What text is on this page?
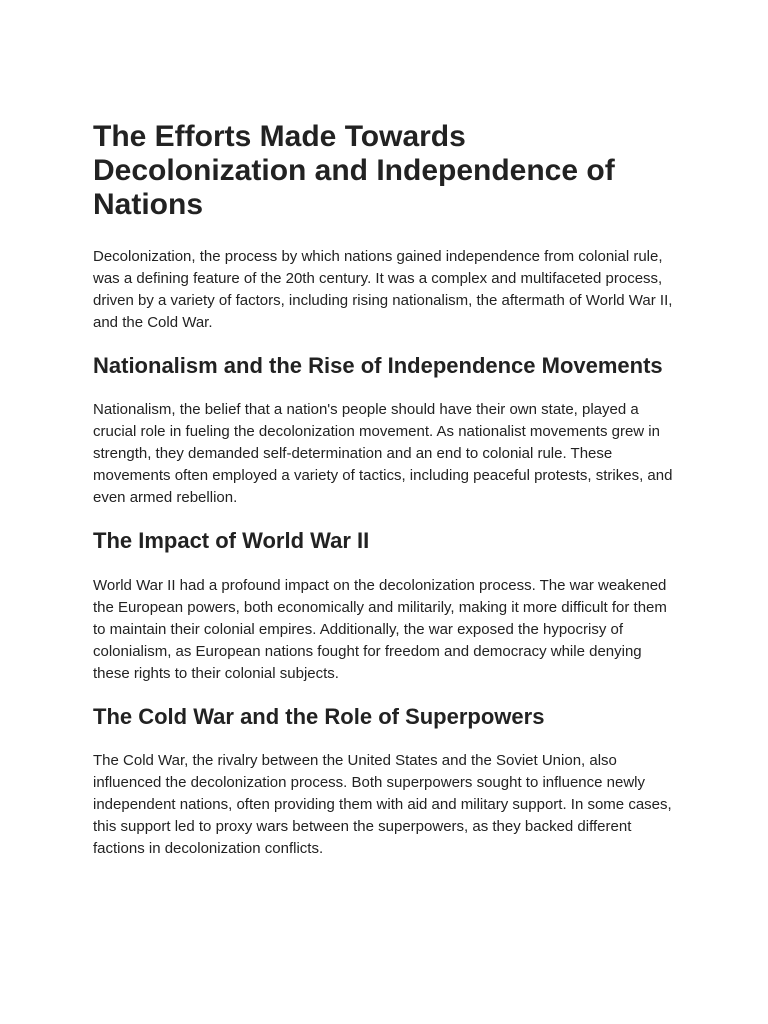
The Efforts Made Towards Decolonization and Independence of Nations

Decolonization, the process by which nations gained independence from colonial rule, was a defining feature of the 20th century. It was a complex and multifaceted process, driven by a variety of factors, including rising nationalism, the aftermath of World War II, and the Cold War.

Nationalism and the Rise of Independence Movements

Nationalism, the belief that a nation's people should have their own state, played a crucial role in fueling the decolonization movement. As nationalist movements grew in strength, they demanded self-determination and an end to colonial rule. These movements often employed a variety of tactics, including peaceful protests, strikes, and even armed rebellion.

The Impact of World War II

World War II had a profound impact on the decolonization process. The war weakened the European powers, both economically and militarily, making it more difficult for them to maintain their colonial empires. Additionally, the war exposed the hypocrisy of colonialism, as European nations fought for freedom and democracy while denying these rights to their colonial subjects.

The Cold War and the Role of Superpowers

The Cold War, the rivalry between the United States and the Soviet Union, also influenced the decolonization process. Both superpowers sought to influence newly independent nations, often providing them with aid and military support. In some cases, this support led to proxy wars between the superpowers, as they backed different factions in decolonization conflicts.
